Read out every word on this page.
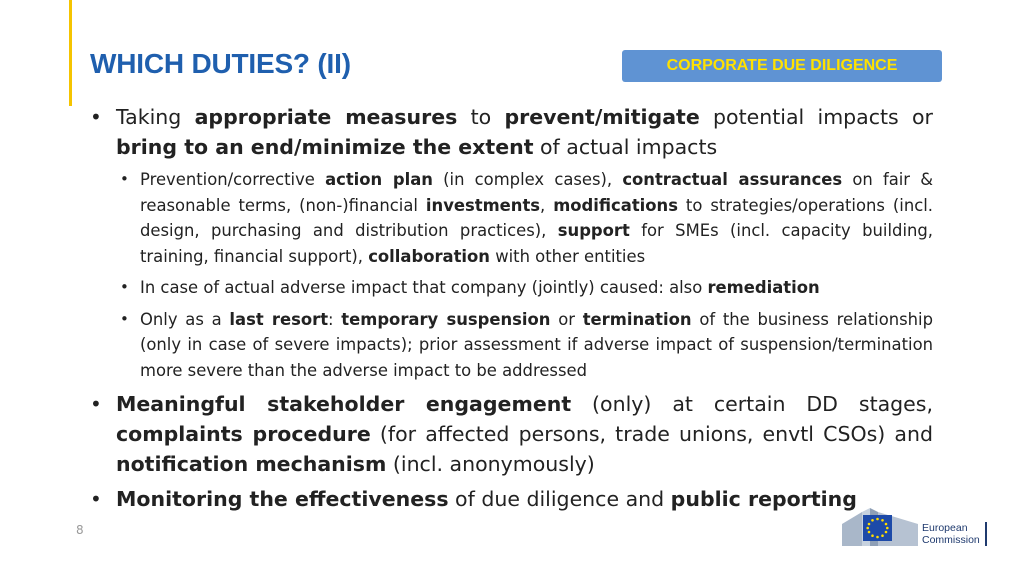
WHICH DUTIES? (II)	CORPORATE DUE DILIGENCE
• Taking appropriate measures to prevent/mitigate potential impacts or bring to an end/minimize the extent of actual impacts
• Prevention/corrective action plan (in complex cases), contractual assurances on fair & reasonable terms, (non-)financial investments, modifications to strategies/operations (incl. design, purchasing and distribution practices), support for SMEs (incl. capacity building, training, financial support), collaboration with other entities
• In case of actual adverse impact that company (jointly) caused: also remediation
• Only as a last resort: temporary suspension or termination of the business relationship (only in case of severe impacts); prior assessment if adverse impact of suspension/termination more severe than the adverse impact to be addressed
• Meaningful stakeholder engagement (only) at certain DD stages, complaints procedure (for affected persons, trade unions, envtl CSOs) and notification mechanism (incl. anonymously)
• Monitoring the effectiveness of due diligence and public reporting
8	European
Commission
